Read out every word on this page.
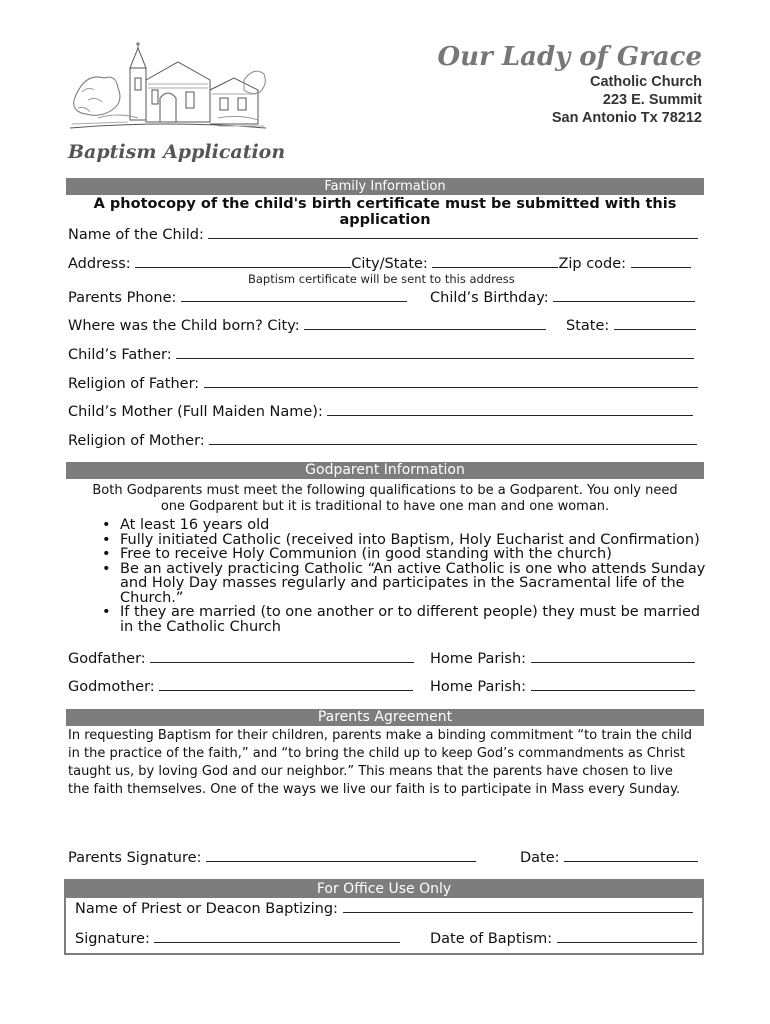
Our Lady of Grace
Catholic Church
223 E. Summit
San Antonio Tx 78212
Baptism Application
Family Information
A photocopy of the child's birth certificate must be submitted with this application
Name of the Child:
Address:	City/State:	Zip code:
Baptism certificate will be sent to this address
Parents Phone:	Child’s Birthday:
Where was the Child born? City:	State:
Child’s Father:
Religion of Father:
Child’s Mother (Full Maiden Name):
Religion of Mother:
Godparent Information
Both Godparents must meet the following qualifications to be a Godparent. You only need
one Godparent but it is traditional to have one man and one woman.
• At least 16 years old
• Fully initiated Catholic (received into Baptism, Holy Eucharist and Confirmation)
• Free to receive Holy Communion (in good standing with the church)
• Be an actively practicing Catholic “An active Catholic is one who attends Sunday and Holy Day masses regularly and participates in the Sacramental life of the Church.”
• If they are married (to one another or to different people) they must be married in the Catholic Church
Godfather:	Home Parish:
Godmother:	Home Parish:
Parents Agreement
In requesting Baptism for their children, parents make a binding commitment “to train the child
in the practice of the faith,” and “to bring the child up to keep God’s commandments as Christ
taught us, by loving God and our neighbor.” This means that the parents have chosen to live
the faith themselves. One of the ways we live our faith is to participate in Mass every Sunday.
Parents Signature:	Date:
For Office Use Only
Name of Priest or Deacon Baptizing:
Signature:	Date of Baptism:
